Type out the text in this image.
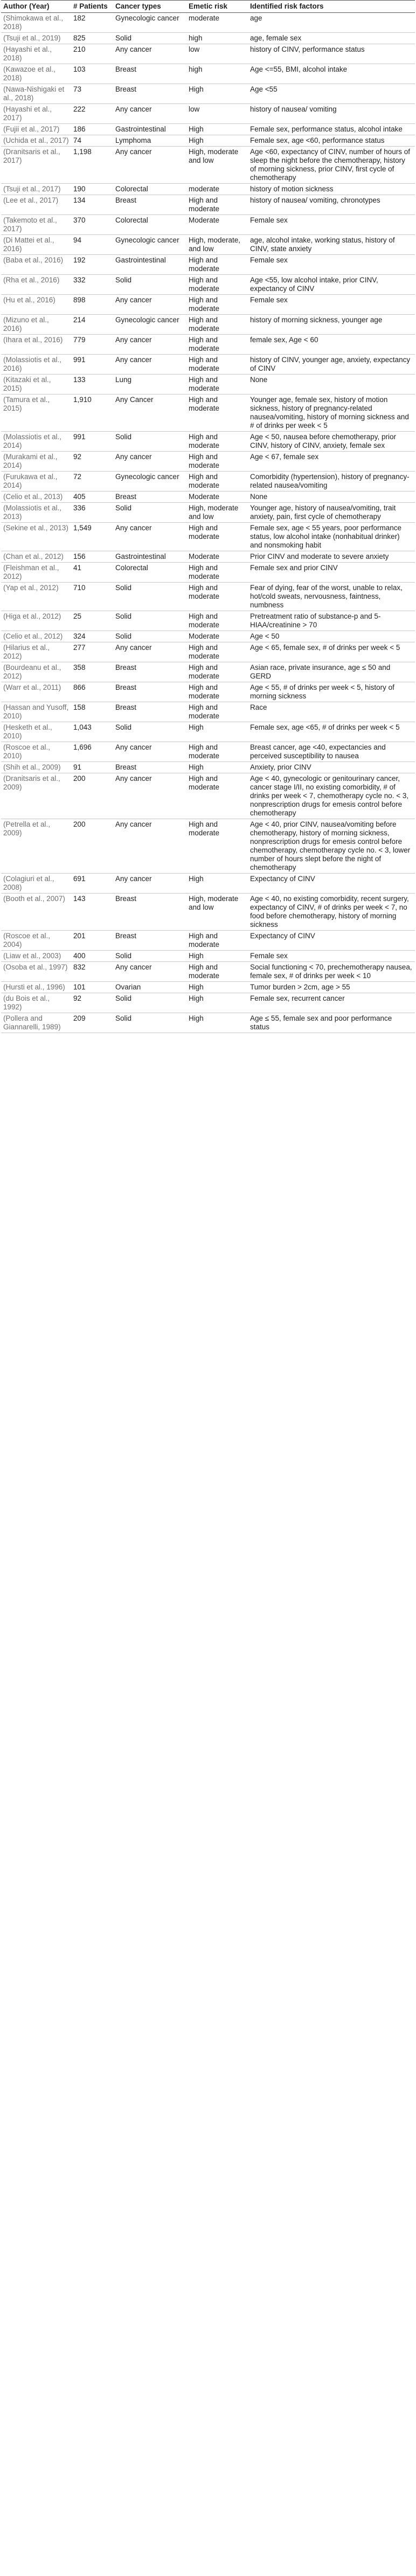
Author (Year)	# Patients	Cancer types	Emetic risk	Identified risk factors
(Shimokawa et al., 2018)	182	Gynecologic cancer	moderate	age
(Tsuji et al., 2019)	825	Solid	high	age, female sex
(Hayashi et al., 2018)	210	Any cancer	low	history of CINV, performance status
(Kawazoe et al., 2018)	103	Breast	high	Age <=55, BMI, alcohol intake
(Nawa-Nishigaki et al., 2018)	73	Breast	High	Age <55
(Hayashi et al., 2017)	222	Any cancer	low	history of nausea/ vomiting
(Fujii et al., 2017)	186	Gastrointestinal	High	Female sex, performance status, alcohol intake
(Uchida et al., 2017)	74	Lymphoma	High	Female sex, age <60, performance status
(Dranitsaris et al., 2017)	1,198	Any cancer	High, moderate and low	Age <60, expectancy of CINV, number of hours of sleep the night before the chemotherapy, history of morning sickness, prior CINV, first cycle of chemotherapy
(Tsuji et al., 2017)	190	Colorectal	moderate	history of motion sickness
(Lee et al., 2017)	134	Breast	High and moderate	history of nausea/ vomiting, chronotypes
(Takemoto et al., 2017)	370	Colorectal	Moderate	Female sex
(Di Mattei et al., 2016)	94	Gynecologic cancer	High, moderate, and low	age, alcohol intake, working status, history of CINV, state anxiety
(Baba et al., 2016)	192	Gastrointestinal	High and moderate	Female sex
(Rha et al., 2016)	332	Solid	High and moderate	Age <55, low alcohol intake, prior CINV, expectancy of CINV
(Hu et al., 2016)	898	Any cancer	High and moderate	Female sex
(Mizuno et al., 2016)	214	Gynecologic cancer	High and moderate	history of morning sickness, younger age
(Ihara et al., 2016)	779	Any cancer	High and moderate	female sex, Age < 60
(Molassiotis et al., 2016)	991	Any cancer	High and moderate	history of CINV, younger age, anxiety, expectancy of CINV
(Kitazaki et al., 2015)	133	Lung	High and moderate	None
(Tamura et al., 2015)	1,910	Any Cancer	High and moderate	Younger age, female sex, history of motion sickness, history of pregnancy-related nausea/vomiting, history of morning sickness and # of drinks per week < 5
(Molassiotis et al., 2014)	991	Solid	High and moderate	Age < 50, nausea before chemotherapy, prior CINV, history of CINV, anxiety, female sex
(Murakami et al., 2014)	92	Any cancer	High and moderate	Age < 67, female sex
(Furukawa et al., 2014)	72	Gynecologic cancer	High and moderate	Comorbidity (hypertension), history of pregnancy-related nausea/vomiting
(Celio et al., 2013)	405	Breast	Moderate	None
(Molassiotis et al., 2013)	336	Solid	High, moderate and low	Younger age, history of nausea/vomiting, trait anxiety, pain, first cycle of chemotherapy
(Sekine et al., 2013)	1,549	Any cancer	High and moderate	Female sex, age < 55 years, poor performance status, low alcohol intake (nonhabitual drinker) and nonsmoking habit
(Chan et al., 2012)	156	Gastrointestinal	Moderate	Prior CINV and moderate to severe anxiety
(Fleishman et al., 2012)	41	Colorectal	High and moderate	Female sex and prior CINV
(Yap et al., 2012)	710	Solid	High and moderate	Fear of dying, fear of the worst, unable to relax, hot/cold sweats, nervousness, faintness, numbness
(Higa et al., 2012)	25	Solid	High and moderate	Pretreatment ratio of substance-p and 5-HIAA/creatinine > 70
(Celio et al., 2012)	324	Solid	Moderate	Age < 50
(Hilarius et al., 2012)	277	Any cancer	High and moderate	Age < 65, female sex, # of drinks per week < 5
(Bourdeanu et al., 2012)	358	Breast	High and moderate	Asian race, private insurance, age ≤ 50 and GERD
(Warr et al., 2011)	866	Breast	High and moderate	Age < 55, # of drinks per week < 5, history of morning sickness
(Hassan and Yusoff, 2010)	158	Breast	High and moderate	Race
(Hesketh et al., 2010)	1,043	Solid	High	Female sex, age <65, # of drinks per week < 5
(Roscoe et al., 2010)	1,696	Any cancer	High and moderate	Breast cancer, age <40, expectancies and perceived susceptibility to nausea
(Shih et al., 2009)	91	Breast	High	Anxiety, prior CINV
(Dranitsaris et al., 2009)	200	Any cancer	High and moderate	Age < 40, gynecologic or genitourinary cancer, cancer stage I/II, no existing comorbidity, # of drinks per week < 7, chemotherapy cycle no. < 3, nonprescription drugs for emesis control before chemotherapy
(Petrella et al., 2009)	200	Any cancer	High and moderate	Age < 40, prior CINV, nausea/vomiting before chemotherapy, history of morning sickness, nonprescription drugs for emesis control before chemotherapy, chemotherapy cycle no. < 3, lower number of hours slept before the night of chemotherapy
(Colagiuri et al., 2008)	691	Any cancer	High	Expectancy of CINV
(Booth et al., 2007)	143	Breast	High, moderate and low	Age < 40, no existing comorbidity, recent surgery, expectancy of CINV, # of drinks per week < 7, no food before chemotherapy, history of morning sickness
(Roscoe et al., 2004)	201	Breast	High and moderate	Expectancy of CINV
(Liaw et al., 2003)	400	Solid	High	Female sex
(Osoba et al., 1997)	832	Any cancer	High and moderate	Social functioning < 70, prechemotherapy nausea, female sex, # of drinks per week < 10
(Hursti et al., 1996)	101	Ovarian	High	Tumor burden > 2cm, age > 55
(du Bois et al., 1992)	92	Solid	High	Female sex, recurrent cancer
(Pollera and Giannarelli, 1989)	209	Solid	High	Age ≤ 55, female sex and poor performance status
